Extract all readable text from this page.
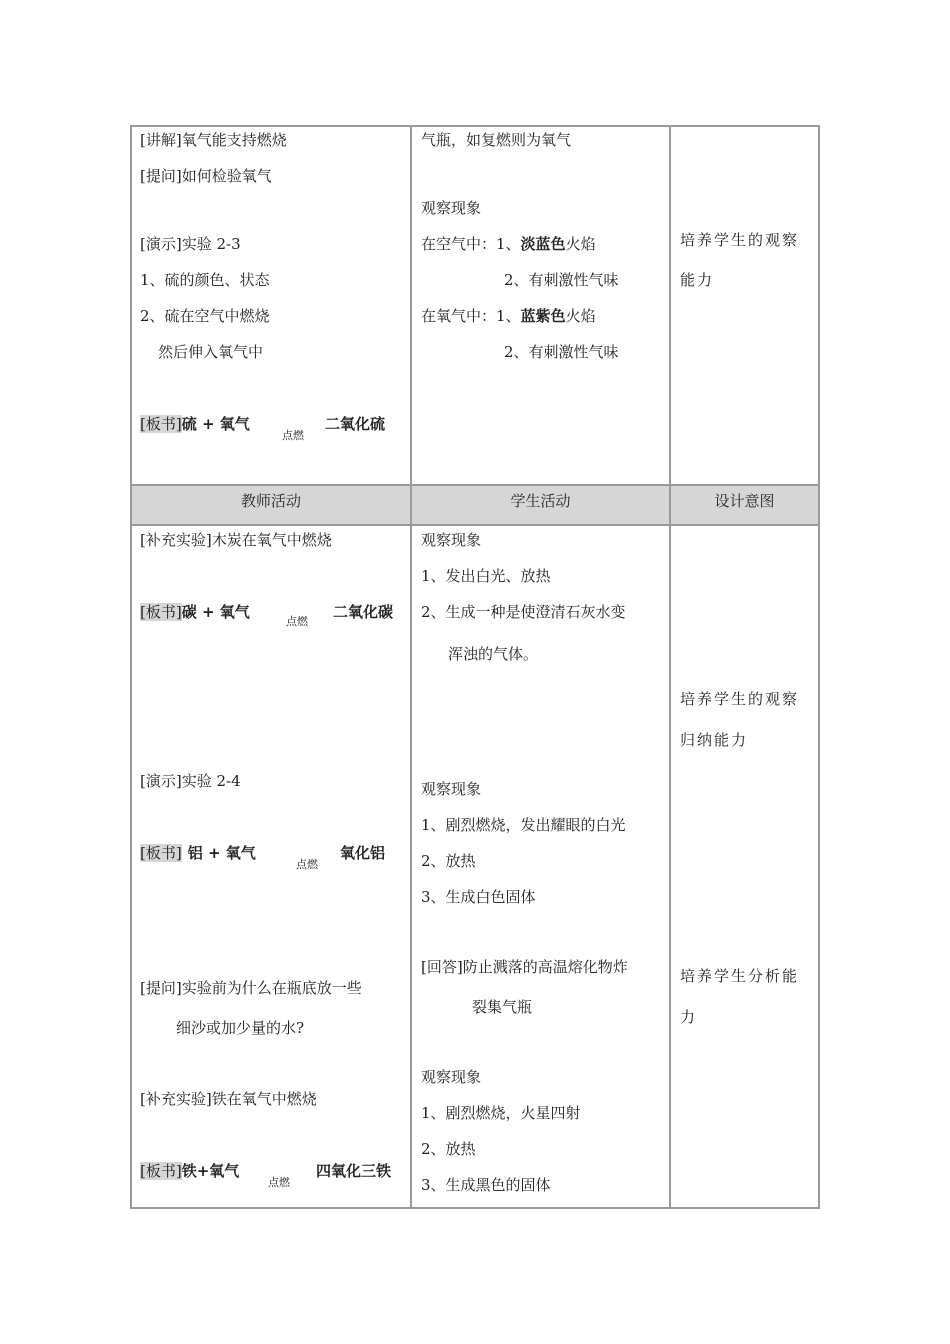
[讲解]氧气能支持燃烧
[提问]如何检验氧气
[演示]实验 2-3
1、硫的颜色、状态
2、硫在空气中燃烧
然后伸入氧气中
[板书]硫 + 氧气
点燃
二氧化硫
气瓶，如复燃则为氧气
观察现象
在空气中：1、淡蓝色火焰
2、有刺激性气味
在氧气中：1、蓝紫色火焰
2、有刺激性气味
培养学生的观察
能力
教师活动	学生活动	设计意图
[补充实验]木炭在氧气中燃烧
[板书]碳 + 氧气
点燃
二氧化碳
[演示]实验 2-4
[板书] 铝 + 氧气
点燃
氧化铝
[提问]实验前为什么在瓶底放一些
细沙或加少量的水?
[补充实验]铁在氧气中燃烧
[板书]铁+氧气
点燃
四氧化三铁
观察现象
1、发出白光、放热
2、生成一种是使澄清石灰水变
浑浊的气体。
观察现象
1、剧烈燃烧，发出耀眼的白光
2、放热
3、生成白色固体
[回答]防止溅落的高温熔化物炸
裂集气瓶
观察现象
1、剧烈燃烧，火星四射
2、放热
3、生成黑色的固体
培养学生的观察
归纳能力
培养学生分析能
力
